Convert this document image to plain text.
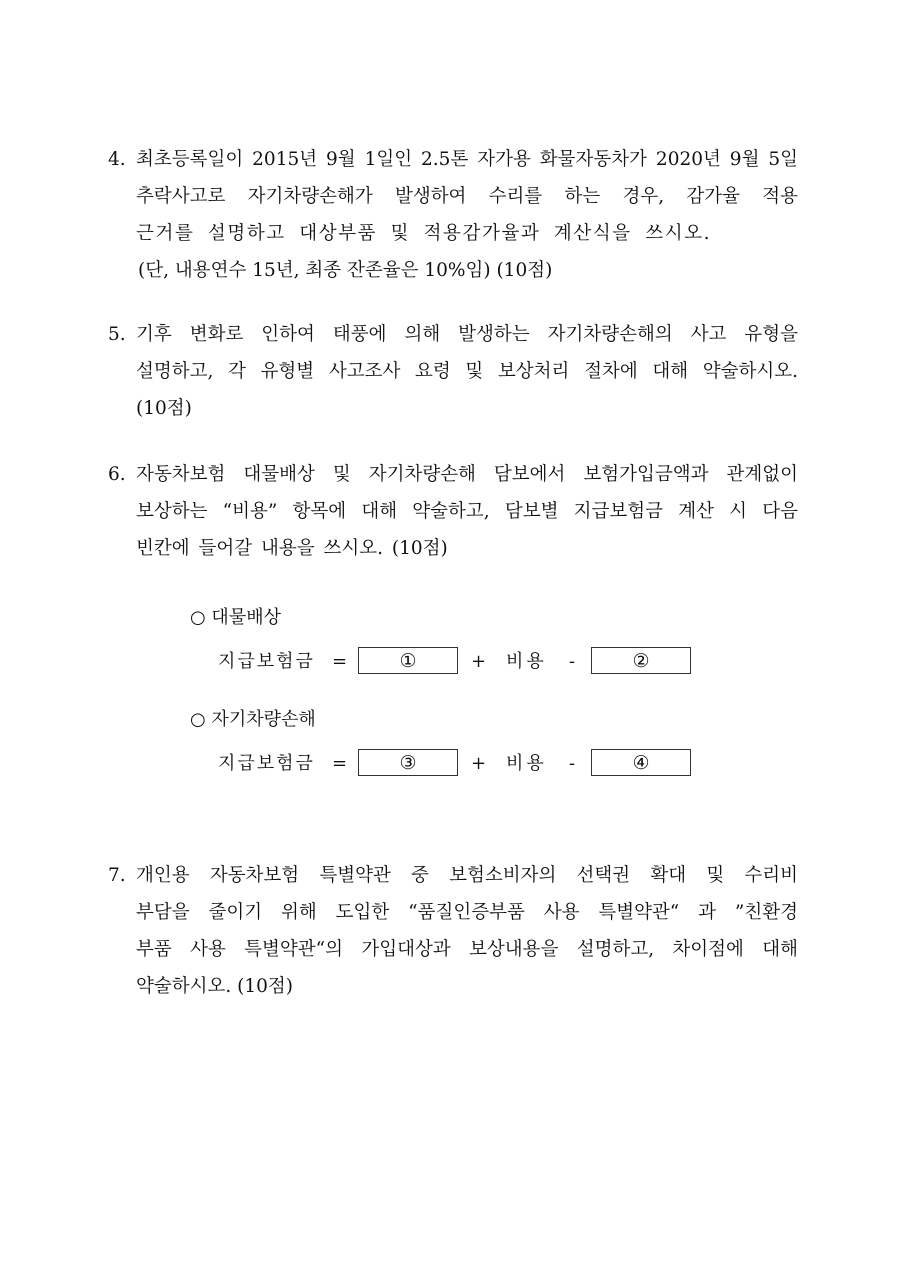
4. 최초등록일이 2015년 9월 1일인 2.5톤 자가용 화물자동차가 2020년 9월 5일
추락사고로 자기차량손해가 발생하여 수리를 하는 경우, 감가율 적용
근거를 설명하고 대상부품 및 적용감가율과 계산식을 쓰시오.
(단, 내용연수 15년, 최종 잔존율은 10%임) (10점)
5. 기후 변화로 인하여 태풍에 의해 발생하는 자기차량손해의 사고 유형을
설명하고, 각 유형별 사고조사 요령 및 보상처리 절차에 대해 약술하시오.
(10점)
6. 자동차보험 대물배상 및 자기차량손해 담보에서 보험가입금액과 관계없이
보상하는 “비용” 항목에 대해 약술하고, 담보별 지급보험금 계산 시 다음
빈칸에 들어갈 내용을 쓰시오. (10점)
○ 대물배상
지급보험금 =	①	+ 비용 -	②
○ 자기차량손해
지급보험금 =	③	+ 비용 -	④
7. 개인용 자동차보험 특별약관 중 보험소비자의 선택권 확대 및 수리비
부담을 줄이기 위해 도입한 “품질인증부품 사용 특별약관“ 과 ”친환경
부품 사용 특별약관“의 가입대상과 보상내용을 설명하고, 차이점에 대해
약술하시오. (10점)
